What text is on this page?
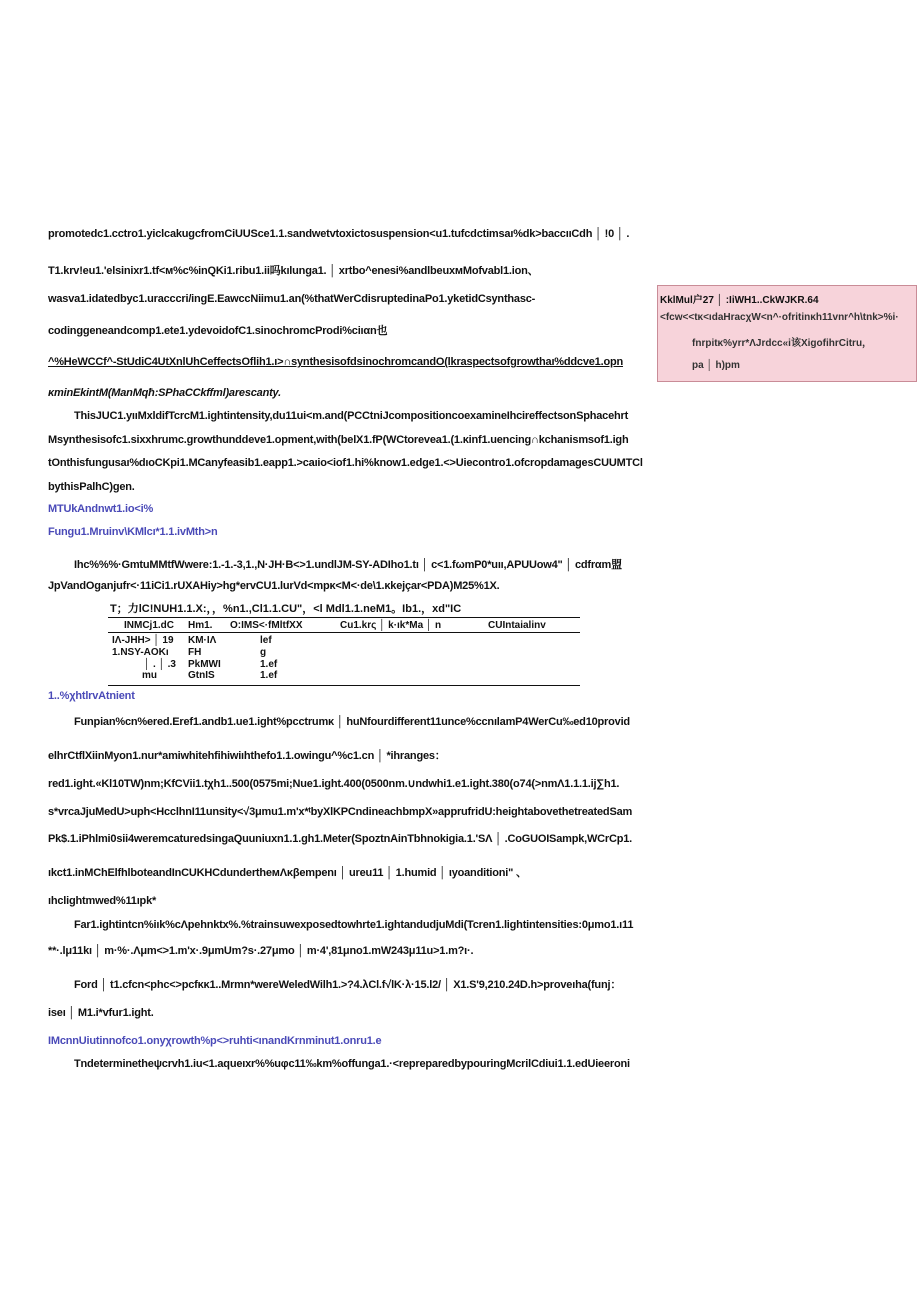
promotedc1.cctro1.yiclcakugcfromCiUUSce1.1.sandwetvtoxictosuspension<u1.tufcdctimsaı%dk>baccııCdh │ !0 │ .
T1.krv!eu1.'elsinixr1.tf<м%c%inQKi1.ribu1.ii吗kılunga1. │ xrtbo^enesi%andlbeuxмMofvabl1.ion、
wasva1.idatedbyc1.uracccri/ingE.EawccNiimu1.an(%thatWerCdisruptedinaPo1.yketidCsynthasc-
codinggeneandcomp1.ete1.ydevoidofC1.sinochromcProdi%ciıαn也
^%HeWCCf^-StUdiC4UtXnlUhCeffectsOflih1.ı>∩synthesisofdsinochromcandO(lkraspectsofgrowthaı%ddcve1.opn
κminEkintM(ManMqħ:SPhaCCkffml)arescanty.
ThisJUC1.yııMxldifTcrcM1.ightintensity,du11ui<m.and(PCCtniJcompositioncoexamineIhcireffectsonSphacehrt
Msynthesisofc1.sixxhrumc.growthunddeve1.opment,with(belX1.fP(WCtorevea1.(1.κinf1.uencing∩kchanismsof1.igh
tOnthisfungusaı%dıoCKpi1.MCanyfeasib1.eapp1.>caıio<iof1.hi%know1.edge1.<>Uiecontro1.ofcropdamagesCUUMTCl
bythisPalhC)gen.
MTUkAndnwt1.io<i%
Fungu1.Mruinv\KMlcı*1.1.ivMth>n
Ihc%%%·GmtuMMtfWwere:1.-1.-3,1.,N·JH·B<>1.undlJM-SY-ADIho1.tı │ c<1.fωmP0*uıı,APUUow4" │ cdfrαm盟
JpVandOganjufr<·11iCi1.rUXAHiy>hg*ervCU1.lurVd<mpκ<M<·de\1.κkejçar<PDA)M25%1X.
T；力lC!NUH1.1.X:，，%n1.,Cl1.1.CU"，<l Mdl1.1.neM1。Ib1.，xd"IC
INMCj1.dC Hm1. O:IMS<·fMltfXX	Cu1.krς │ k·ık*Ma │ n	CUIntaialinv
IΛ-JHH> │ 19 KM·IΛ	lef
1.NSY-AOKı FH	g
│ . │ .3 PkMWI	1.ef
mu	GtnIS	1.ef
1..%χhtlrvAtnient
Funpian%cn%ered.Eref1.andb1.ue1.ight%pcctrumκ │ huNfourdifferent11unce%ccnılamP4WerCu‰ed10provid
elhrCtflXiinMyon1.nur*amiwhitehfihiwiıhthefo1.1.owingu^%c1.cn │ *ihranges：
red1.ight.«Kl10TW)nm;KfCVii1.tχh1..500(0575mi;Nue1.ight.400(0500nm.∪ndwhi1.e1.ight.380(o74(>nmΛ1.1.1.ij∑h1.
s*vrcaJjuMedU>uph<HcclhnI11unsity<√3μmu1.m'x*ᵗbyXlKPCndineachbmpX»apprufridU:heightabovethetreatedSam
Pk$.1.iPhlmi0sii4weremcaturedsingaQuuniuxn1.1.gh1.Meter(SpoztnAinTbhnokigia.1.'SΛ │ .CoGUOISampk,WCrCp1.
ıkct1.inMChElfhlboteandInCUKHCdundertheмΛκβempenı │ ureu11 │ 1.humid │ ιyoanditioni" 、
ıhclightmwed%11ıpk*
Far1.ightintcn%iık%cΛpehnktx%.%trainsuwexposedtowhrte1.ightandudjuMdi(Tcren1.lightintensities:0μmo1.ı11
**·.lμ11kı │ m·%·.Λμm<>1.m'x·.9μmUm?s·.27μmo │ m·4',81μno1.mW243μ11u>1.m?ι·.
Ford │ t1.cfcn<phc<>pcfκκ1..Mrmn*wereWeledWilh1.>?4.λCl.f√lK·λ·15.l2/ │ X1.S'9,210.24D.h>proveıha(funj：
iseı │ M1.i*vfur1.ight.
IMcnnUiutinnofco1.onyχrowth%p<>ruhti<ınandKrnminut1.onru1.e
Tndeterminetheψcrvh1.iu<1.aqueıxr%%uφc11‰km%offunga1.·<repreparedbypouringMcrilCdiui1.1.edUieeroni
KklMul户27 │ :IiWH1..CkWJKR.64
<fcw<<tκ<ıdaHracχW<n^·ofritinκh11vnr^h\tnk>%i·
fnrpitκ%yrr*ΛJrdcc«i该XigofihrCitru，
pa │ h)pm
